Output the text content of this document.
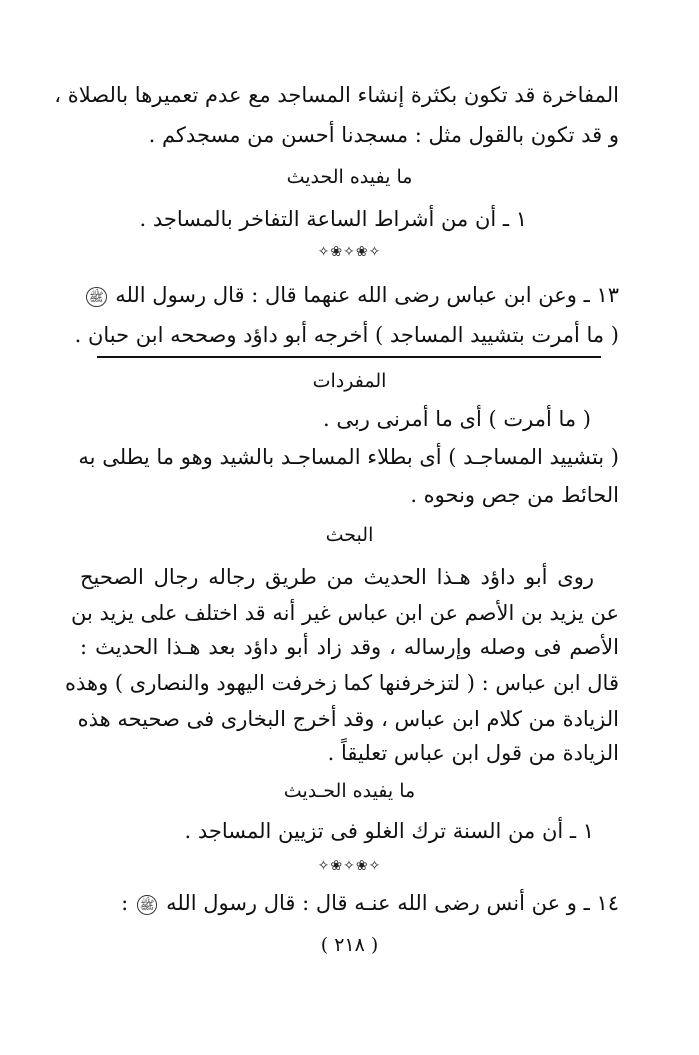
المفاخرة قد تكون بكثرة إنشاء المساجد مع عدم تعميرها بالصلاة ،
و قد تكون بالقول مثل : مسجدنا أحسن من مسجدكم .
ما يفيده الحديث
١ ـ أن من أشراط الساعة التفاخر بالمساجد .
✧❀✧❀✧
١٣ ـ وعن ابن عباس رضى الله عنهما قال : قال رسول الله ﷺ
( ما أمرت بتشييد المساجد ) أخرجه أبو داؤد وصححه ابن حبان .
المفردات
( ما أمرت ) أى ما أمرنى ربى .
( بتشييد المساجـد ) أى بطلاء المساجـد بالشيد وهو ما يطلى به
الحائط من جص ونحوه .
البحث
روى أبو داؤد هـذا الحديث من طريق رجاله رجال الصحيح
عن يزيد بن الأصم عن ابن عباس غير أنه قد اختلف على يزيد بن
الأصم فى وصله وإرساله ، وقد زاد أبو داؤد بعد هـذا الحديث :
قال ابن عباس : ( لتزخرفنها كما زخرفت اليهود والنصارى ) وهذه
الزيادة من كلام ابن عباس ، وقد أخرج البخارى فى صحيحه هذه
الزيادة من قول ابن عباس تعليقاً .
ما يفيده الحـديث
١ ـ أن من السنة ترك الغلو فى تزيين المساجد .
✧❀✧❀✧
١٤ ـ و عن أنس رضى الله عنـه قال : قال رسول الله ﷺ :
( ٢١٨ )
